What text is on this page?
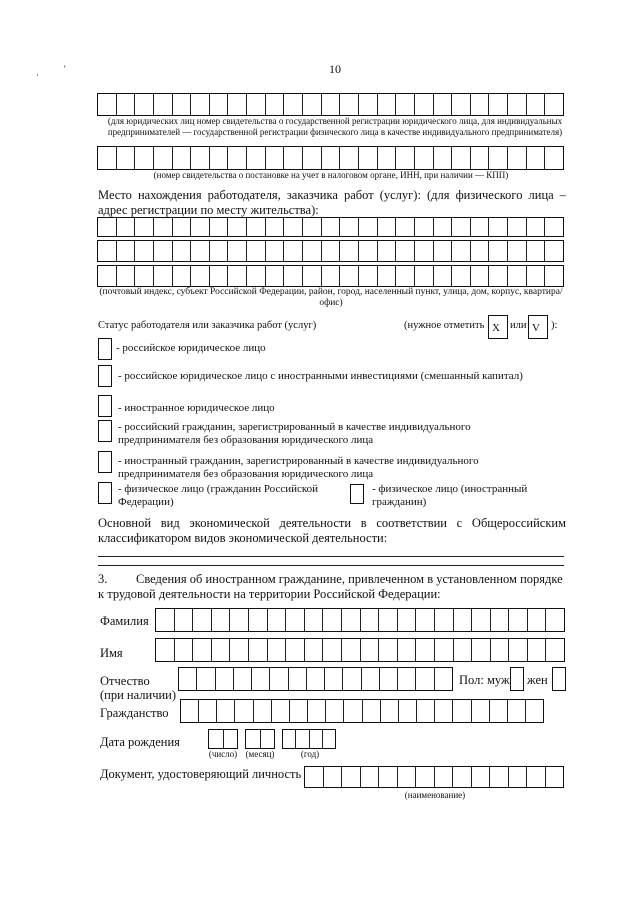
10
·
'
(для юридических лиц номер свидетельства о государственной регистрации юридического лица, для индивидуальных предпринимателей — государственной регистрации физического лица в качестве индивидуального предпринимателя)
(номер свидетельства о постановке на учет в налоговом органе, ИНН, при наличии — КПП)
Место нахождения работодателя, заказчика работ (услуг): (для физического лица – адрес регистрации по месту жительства):
(почтовый индекс, субъект Российской Федерации, район, город, населенный пункт, улица, дом, корпус, квартира/офис)
Статус работодателя или заказчика работ (услуг)	(нужное отметить X или V ):
- российское юридическое лицо
- российское юридическое лицо с иностранными инвестициями (смешанный капитал)
- иностранное юридическое лицо
- российский гражданин, зарегистрированный в качестве индивидуального предпринимателя без образования юридического лица
- иностранный гражданин, зарегистрированный в качестве индивидуального предпринимателя без образования юридического лица
- физическое лицо (гражданин Российской Федерации)
- физическое лицо (иностранный гражданин)
Основной вид экономической деятельности в соответствии с Общероссийским классификатором видов экономической деятельности:
3.	Сведения об иностранном гражданине, привлеченном в установленном порядке к трудовой деятельности на территории Российской Федерации:
Фамилия
Имя
Отчество
(при наличии)
Пол: муж жен
Гражданство
Дата рождения
(число) (месяц)	(год)
Документ, удостоверяющий личность
(наименование)
